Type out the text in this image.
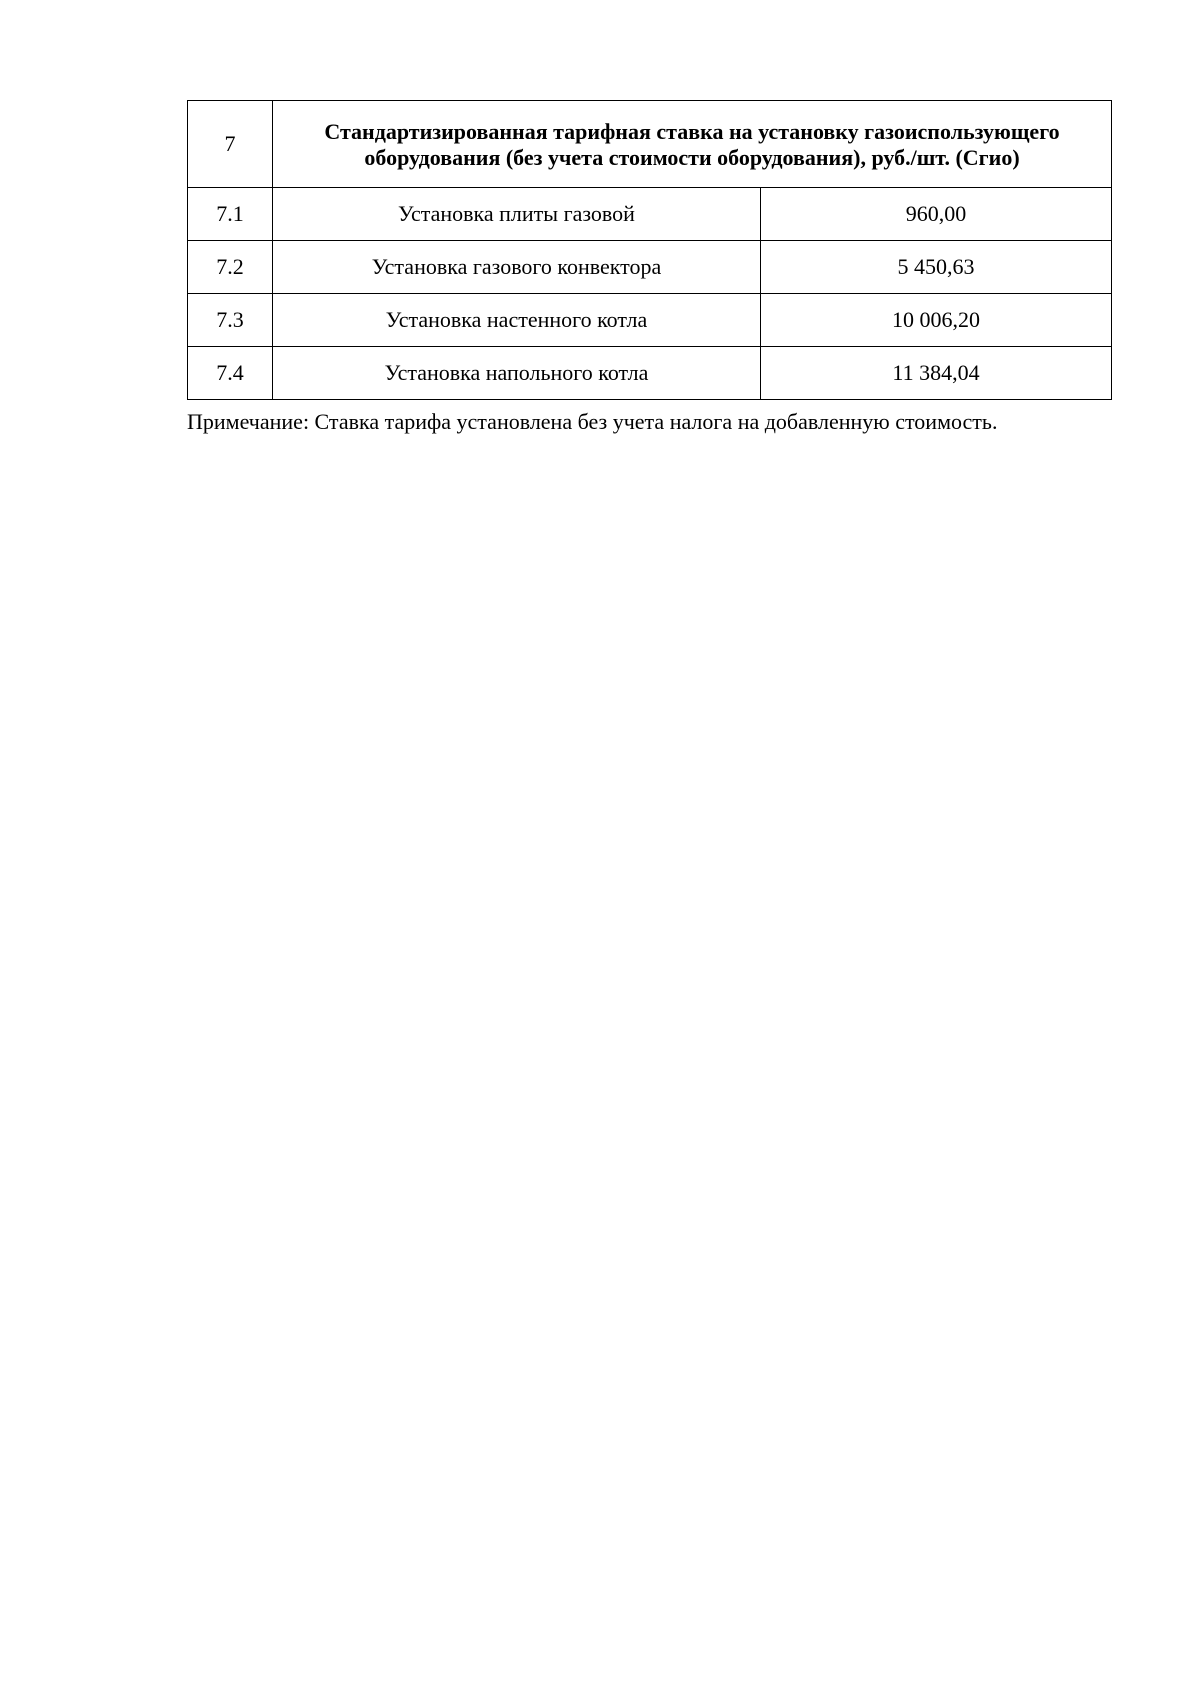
7	Стандартизированная тарифная ставка на установку газоиспользующего оборудования (без учета стоимости оборудования), руб./шт. (Сгио)	
7.1	Установка плиты газовой	960,00
7.2	Установка газового конвектора	5 450,63
7.3	Установка настенного котла	10 006,20
7.4	Установка напольного котла	11 384,04
Примечание: Ставка тарифа установлена без учета налога на добавленную стоимость.
